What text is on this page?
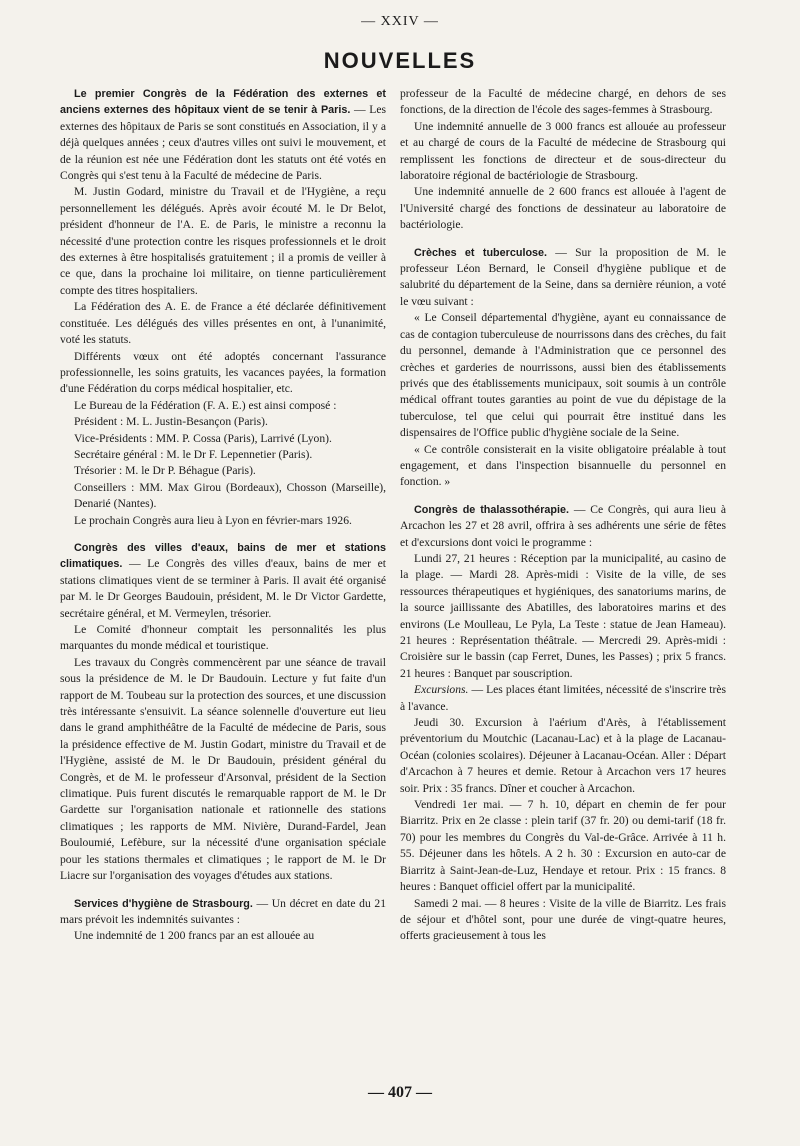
— XXIV —
NOUVELLES

Le premier Congrès de la Fédération des externes et anciens externes des hôpitaux vient de se tenir à Paris. — Les externes des hôpitaux de Paris se sont constitués en Association, il y a déjà quelques années ; ceux d'autres villes ont suivi le mouvement, et de la réunion est née une Fédération dont les statuts ont été votés en Congrès qui s'est tenu à la Faculté de médecine de Paris.

M. Justin Godard, ministre du Travail et de l'Hygiène, a reçu personnellement les délégués. Après avoir écouté M. le Dr Belot, président d'honneur de l'A. E. de Paris, le ministre a reconnu la nécessité d'une protection contre les risques professionnels et le droit des externes à être hospitalisés gratuitement ; il a promis de veiller à ce que, dans la prochaine loi militaire, on tienne particulièrement compte des titres hospitaliers.

La Fédération des A. E. de France a été déclarée définitivement constituée. Les délégués des villes présentes en ont, à l'unanimité, voté les statuts.

Différents vœux ont été adoptés concernant l'assurance professionnelle, les soins gratuits, les vacances payées, la formation d'une Fédération du corps médical hospitalier, etc.

Le Bureau de la Fédération (F. A. E.) est ainsi composé :

Président : M. L. Justin-Besançon (Paris).

Vice-Présidents : MM. P. Cossa (Paris), Larrivé (Lyon).

Secrétaire général : M. le Dr F. Lepennetier (Paris).

Trésorier : M. le Dr P. Béhague (Paris).

Conseillers : MM. Max Girou (Bordeaux), Chosson (Marseille), Denarié (Nantes).

Le prochain Congrès aura lieu à Lyon en février-mars 1926.

Congrès des villes d'eaux, bains de mer et stations climatiques. — Le Congrès des villes d'eaux, bains de mer et stations climatiques vient de se terminer à Paris. Il avait été organisé par M. le Dr Georges Baudouin, président, M. le Dr Victor Gardette, secrétaire général, et M. Vermeylen, trésorier.

Le Comité d'honneur comptait les personnalités les plus marquantes du monde médical et touristique.

Les travaux du Congrès commencèrent par une séance de travail sous la présidence de M. le Dr Baudouin. Lecture y fut faite d'un rapport de M. Toubeau sur la protection des sources, et une discussion très intéressante s'ensuivit. La séance solennelle d'ouverture eut lieu dans le grand amphithéâtre de la Faculté de médecine de Paris, sous la présidence effective de M. Justin Godart, ministre du Travail et de l'Hygiène, assisté de M. le Dr Baudouin, président général du Congrès, et de M. le professeur d'Arsonval, président de la Section climatique. Puis furent discutés le remarquable rapport de M. le Dr Gardette sur l'organisation nationale et rationnelle des stations climatiques ; les rapports de MM. Nivière, Durand-Fardel, Jean Bouloumié, Lefèbure, sur la nécessité d'une organisation spéciale pour les stations thermales et climatiques ; le rapport de M. le Dr Liacre sur l'organisation des voyages d'études aux stations.

Services d'hygiène de Strasbourg. — Un décret en date du 21 mars prévoit les indemnités suivantes :

Une indemnité de 1 200 francs par an est allouée au

professeur de la Faculté de médecine chargé, en dehors de ses fonctions, de la direction de l'école des sages-femmes à Strasbourg.

Une indemnité annuelle de 3 000 francs est allouée au professeur et au chargé de cours de la Faculté de médecine de Strasbourg qui remplissent les fonctions de directeur et de sous-directeur du laboratoire régional de bactériologie de Strasbourg.

Une indemnité annuelle de 2 600 francs est allouée à l'agent de l'Université chargé des fonctions de dessinateur au laboratoire de bactériologie.

Crèches et tuberculose. — Sur la proposition de M. le professeur Léon Bernard, le Conseil d'hygiène publique et de salubrité du département de la Seine, dans sa dernière réunion, a voté le vœu suivant :

« Le Conseil départemental d'hygiène, ayant eu connaissance de cas de contagion tuberculeuse de nourrissons dans des crèches, du fait du personnel, demande à l'Administration que ce personnel des crèches et garderies de nourrissons, aussi bien des établissements privés que des établissements municipaux, soit soumis à un contrôle médical offrant toutes garanties au point de vue du dépistage de la tuberculose, tel que celui qui pourrait être institué dans les dispensaires de l'Office public d'hygiène sociale de la Seine.

« Ce contrôle consisterait en la visite obligatoire préalable à tout engagement, et dans l'inspection bisannuelle du personnel en fonction. »

Congrès de thalassothérapie. — Ce Congrès, qui aura lieu à Arcachon les 27 et 28 avril, offrira à ses adhérents une série de fêtes et d'excursions dont voici le programme :

Lundi 27, 21 heures : Réception par la municipalité, au casino de la plage. — Mardi 28. Après-midi : Visite de la ville, de ses ressources thérapeutiques et hygiéniques, des sanatoriums marins, de la source jaillissante des Abatilles, des laboratoires marins et des environs (Le Moulleau, Le Pyla, La Teste : statue de Jean Hameau). 21 heures : Représentation théâtrale. — Mercredi 29. Après-midi : Croisière sur le bassin (cap Ferret, Dunes, les Passes) ; prix 5 francs. 21 heures : Banquet par souscription.

Excursions. — Les places étant limitées, nécessité de s'inscrire très à l'avance.

Jeudi 30. Excursion à l'aérium d'Arès, à l'établissement préventorium du Moutchic (Lacanau-Lac) et à la plage de Lacanau-Océan (colonies scolaires). Déjeuner à Lacanau-Océan. Aller : Départ d'Arcachon à 7 heures et demie. Retour à Arcachon vers 17 heures soir. Prix : 35 francs. Dîner et coucher à Arcachon.

Vendredi 1er mai. — 7 h. 10, départ en chemin de fer pour Biarritz. Prix en 2e classe : plein tarif (37 fr. 20) ou demi-tarif (18 fr. 70) pour les membres du Congrès du Val-de-Grâce. Arrivée à 11 h. 55. Déjeuner dans les hôtels. A 2 h. 30 : Excursion en auto-car de Biarritz à Saint-Jean-de-Luz, Hendaye et retour. Prix : 15 francs. 8 heures : Banquet officiel offert par la municipalité.

Samedi 2 mai. — 8 heures : Visite de la ville de Biarritz. Les frais de séjour et d'hôtel sont, pour une durée de vingt-quatre heures, offerts gracieusement à tous les

— 407 —
